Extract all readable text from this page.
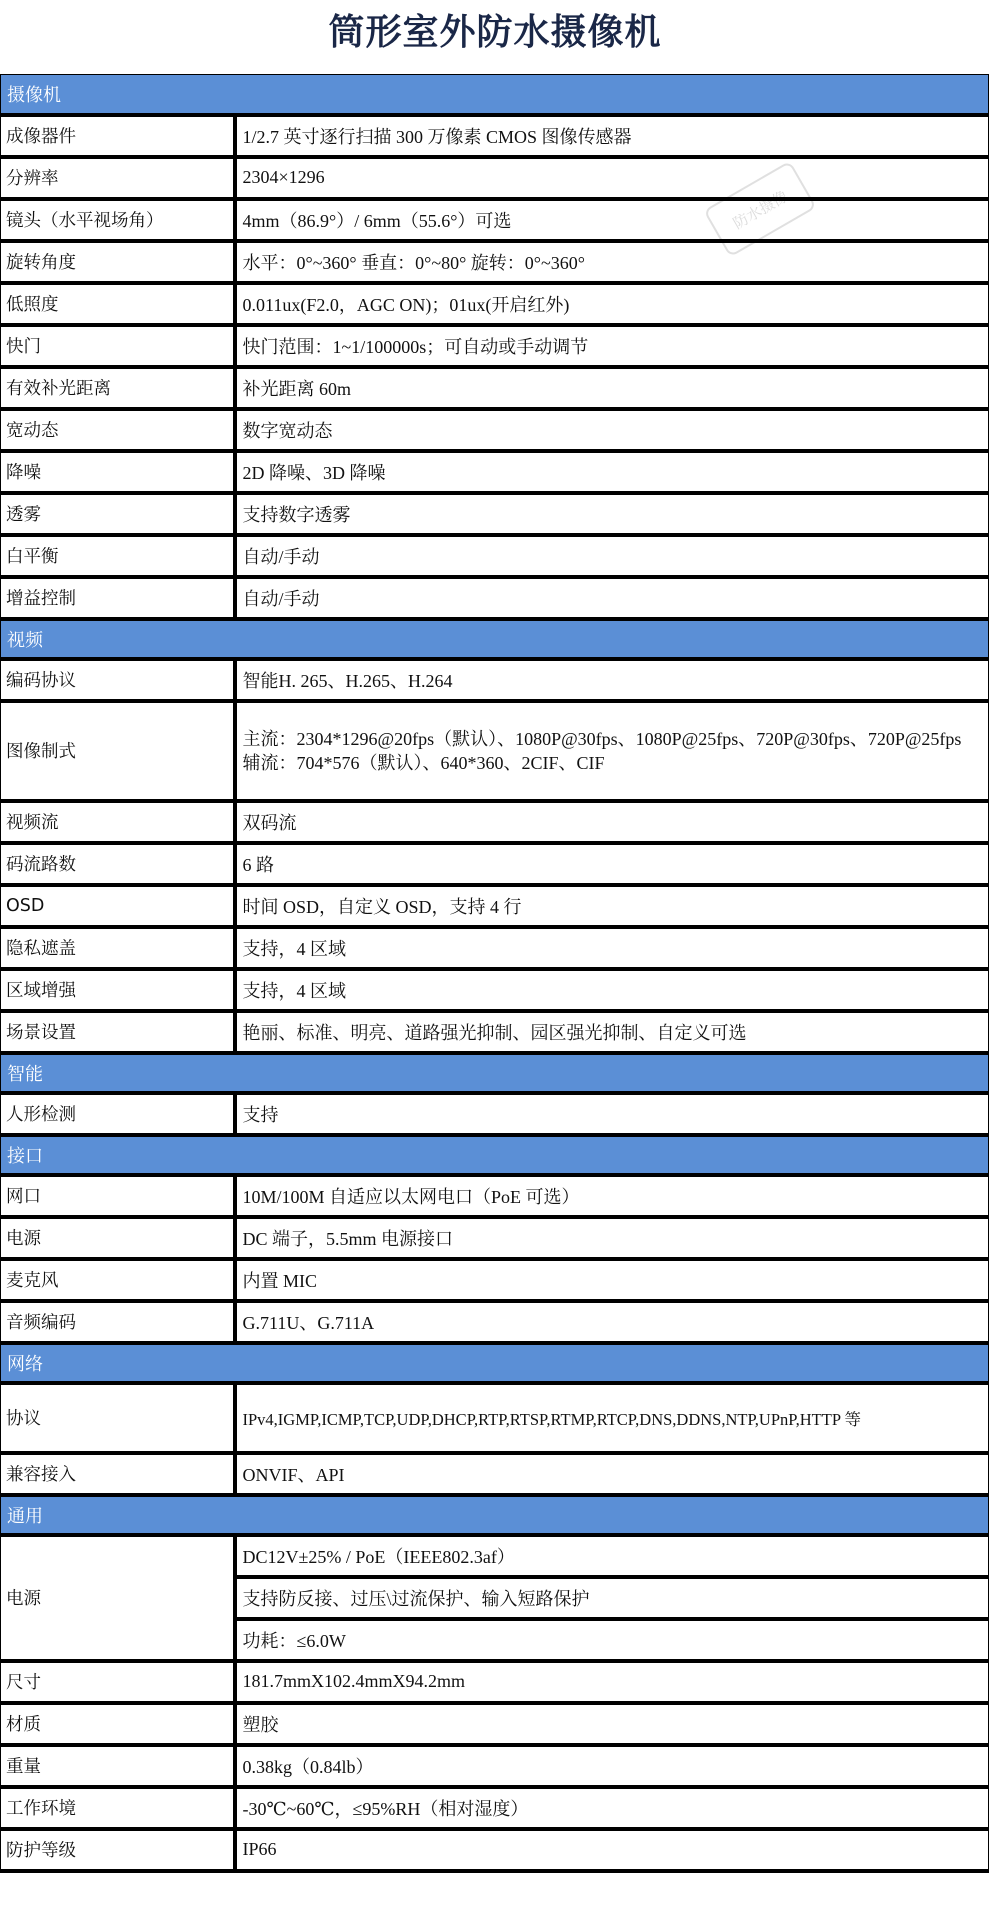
筒形室外防水摄像机
防水摄像
摄像机	
成像器件	1/2.7 英寸逐行扫描 300 万像素 CMOS 图像传感器
分辨率	2304×1296
镜头（水平视场角）	4mm（86.9°）/ 6mm（55.6°）可选
旋转角度	水平：0°~360° 垂直：0°~80° 旋转：0°~360°
低照度	0.011ux(F2.0，AGC ON)；01ux(开启红外)
快门	快门范围：1~1/100000s；可自动或手动调节
有效补光距离	补光距离 60m
宽动态	数字宽动态
降噪	2D 降噪、3D 降噪
透雾	支持数字透雾
白平衡	自动/手动
增益控制	自动/手动
视频	
编码协议	智能H. 265、H.265、H.264
图像制式	主流：2304*1296@20fps（默认）、1080P@30fps、1080P@25fps、720P@30fps、720P@25fps
辅流：704*576（默认）、640*360、2CIF、CIF

视频流	双码流
码流路数	6 路
OSD	时间 OSD，自定义 OSD，支持 4 行
隐私遮盖	支持，4 区域
区域增强	支持，4 区域
场景设置	艳丽、标准、明亮、道路强光抑制、园区强光抑制、自定义可选
智能	
人形检测	支持
接口	
网口	10M/100M 自适应以太网电口（PoE 可选）
电源	DC 端子，5.5mm 电源接口
麦克风	内置 MIC
音频编码	G.711U、G.711A
网络	
协议	IPv4,IGMP,ICMP,TCP,UDP,DHCP,RTP,RTSP,RTMP,RTCP,DNS,DDNS,NTP,UPnP,HTTP 等
兼容接入	ONVIF、API
通用	
电源	DC12V±25% / PoE（IEEE802.3af）
	支持防反接、过压\过流保护、输入短路保护
	功耗：≤6.0W
尺寸	181.7mmX102.4mmX94.2mm
材质	塑胶
重量	0.38kg（0.84lb）
工作环境	-30℃~60℃，≤95%RH（相对湿度）
防护等级	IP66
